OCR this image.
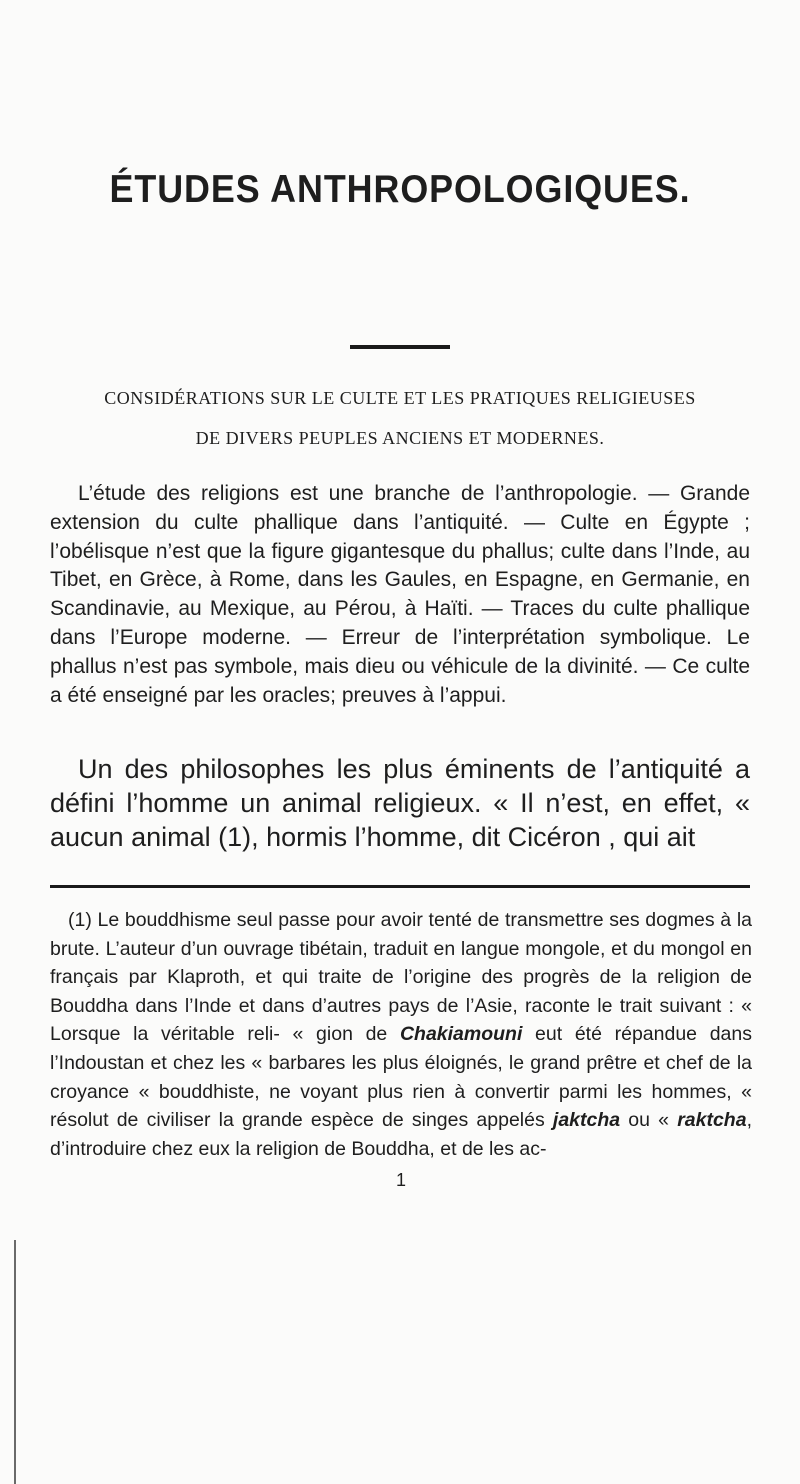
ÉTUDES ANTHROPOLOGIQUES.
CONSIDÉRATIONS SUR LE CULTE ET LES PRATIQUES RELIGIEUSES
DE DIVERS PEUPLES ANCIENS ET MODERNES.

L’étude des religions est une branche de l’anthropologie. — Grande extension du culte phallique dans l’antiquité. — Culte en Égypte ; l’obélisque n’est que la figure gigantesque du phallus; culte dans l’Inde, au Tibet, en Grèce, à Rome, dans les Gaules, en Espagne, en Germanie, en Scandinavie, au Mexique, au Pérou, à Haïti. — Traces du culte phallique dans l’Europe moderne. — Erreur de l’interprétation symbolique. Le phallus n’est pas symbole, mais dieu ou véhicule de la divinité. — Ce culte a été enseigné par les oracles; preuves à l’appui.

Un des philosophes les plus éminents de l’antiquité a défini l’homme un animal religieux. « Il n’est, en effet, « aucun animal (1), hormis l’homme, dit Cicéron , qui ait

(1) Le bouddhisme seul passe pour avoir tenté de transmettre ses dogmes à la brute. L’auteur d’un ouvrage tibétain, traduit en langue mongole, et du mongol en français par Klaproth, et qui traite de l’origine des progrès de la religion de Bouddha dans l’Inde et dans d’autres pays de l’Asie, raconte le trait suivant : « Lorsque la véritable reli- « gion de Chakiamouni eut été répandue dans l’Indoustan et chez les « barbares les plus éloignés, le grand prêtre et chef de la croyance « bouddhiste, ne voyant plus rien à convertir parmi les hommes, « résolut de civiliser la grande espèce de singes appelés jaktcha ou « raktcha, d’introduire chez eux la religion de Bouddha, et de les ac-

1
